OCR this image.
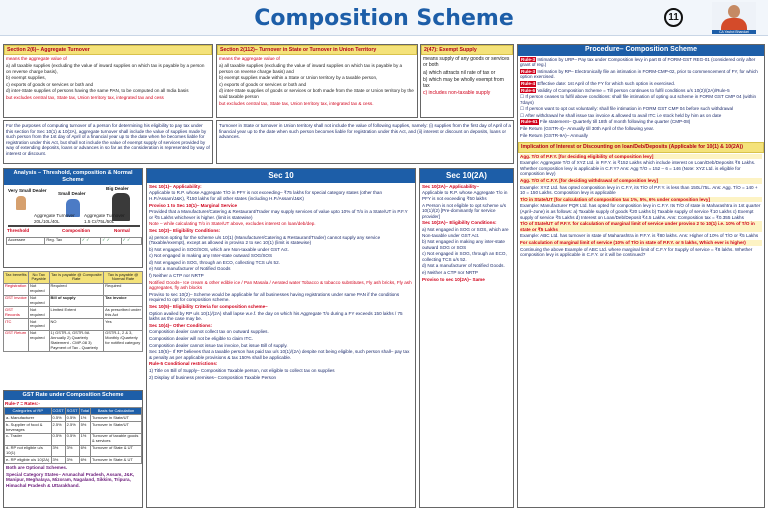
Composition Scheme	11
CA Yashvi Bhandari
Section 2(6)– Aggregate Turnover

means the aggregate value of

a) all taxable supplies (excluding the value of inward supplies on which tax is payable by a person on reverse charge basis),

b) exempt supplies,

c) exports of goods or services or both and

d) inter-State supplies of persons having the same PAN, to be computed on all India basis

but excludes central tax, State tax, Union territory tax, integrated tax and cess

Section 2(112)– Turnover in State or Turnover in Union Territory

means the aggregate value of

a) all taxable supplies (excluding the value of inward supplies on which tax is payable by a person on reverse charge basis) and

b) exempt supplies made within a State or Union territory by a taxable person,

c) exports of goods or services or both and

d) inter-State supplies of goods or services or both made from the State or Union territory by the said taxable person

but excludes central tax, State tax, Union territory tax, integrated tax & cess.

2(47): Exempt Supply

means supply of any goods or services or both

a) which attracts nil rate of tax or

b) which may be wholly exempt from tax

c) includes non-taxable supply

For the purposes of computing turnover of a person for determining his eligibility to pay tax under this section for Sec 10(1) & 10(2A), aggregate turnover shall include the value of supplies made by such person from the 1st day of April of a financial year up to the date when he becomes liable for registration under this Act, but shall not include the value of exempt supply of services provided by way of extending deposits, loans or advances in so far as the consideration is represented by way of interest or discount.

Turnover in State or turnover in Union territory shall not include the value of following supplies, namely: (i) supplies from the first day of April of a financial year up to the date when such person becomes liable for registration under this Act, and (ii) interest or discount on deposits, loans or advances.

Analysis – Threshold, composition & Normal Scheme
Very Small Dealer
Small Dealer
Big Dealer
Threshold	Composition	Normal
Aggregate Turnover
20L/10L/40L
Aggregate Turnover
1.5 Cr/75L/50L
Accessee	Reg. Tax	✓ ✓	✓ ✓	✓ ✓
Tax benefits	No Tax Payable	Tax is payable @ Composite Rate	Tax is payable @ Normal Rate
Registration	Not required	Required	Required
GST invoice	Not required	Bill of supply	Tax invoice
GST Records	Not required	Limited Extent	As prescribed under this Act
ITC	Not required	NO	Yes
GST Return	Not required	1) GSTR-4, GSTR-9A Annually 2) Quarterly Statement - CMP-08 3) Payment of Tax - Quarterly	GSTR-1, 2 & 3, Monthly /Quarterly for notified category
GST Rate under Composition Scheme
Rule-7 = Rates:-
Categories of RP	CGST	SGST	Total	Basis for Calculation
a- Manufacturer	0.5%	0.5%	1%	Turnover in State/UT
b- Supplier of food & beverages	2.5%	2.5%	5%	Turnover in State/UT
c- Trader	0.5%	0.5%	1%	Turnover of taxable goods & services
d- RP not eligible u/s 10(1)	3%	3%	6%	Turnover of State & UT
e- RP eligible u/s 10(2A)	3%	3%	6%	Turnover in State & UT

Both are Optional Schemes.

Special Category States– Arunachal Pradesh, Assam, J&K, Manipur, Meghalaya, Mizoram, Nagaland, Sikkim, Tripura, Himachal Pradesh & Uttarakhand.

Sec 10

Sec 10(1)– Applicability:

Applicable to R.P. whose Aggregate T/O in PFY is not exceeding– ₹75 lakhs for special category states (other than H.P./Assam/J&K), ₹150 lakhs for all other states (including H.P./Assam/J&K)

Proviso 1 to Sec 10(1)– Marginal Service

Provided that a Manufacturer/Catering & Restaurant/Trader may supply services of value upto 10% of T/o in a State/UT in P.F.Y or ₹5 Lakhs whichever is higher. (limit is statewise)

Note – while calculating T/o in State/UT above, excludes interest on loan/deb/dep.

Sec 10(2)– Eligibility Conditions:

a) person opting for the scheme u/s 10(1) (Manufacturer/Catering & Restaurant/Trader) cannot supply any service (Taxable/exempt), except as allowed in proviso 2 to sec 10(1) (limit is statewise)

b) Not engaged in SOG/SOS, which are Non-taxable under GST Act.

c) Not engaged in making any Inter-state outward SOG/SOS

d) Not engaged in SOG, through an ECO, collecting TCS u/s 52.

e) Not a manufacturer of Notified Goods

f) Neither a CTP nor NRTP

Notified Goods– Ice cream & other edible ice / Pan Masala / Aerated water Tobacco & tobacco substitutes, Fly ash bricks, Fly ash aggregates, fly ash blocks

Proviso to sec 10(2)– Scheme would be applicable for all businesses having registrations under same PAN if the conditions required to opt for composition scheme.

Sec 10(5)– Eligibility Criteria for composition scheme–

Option availed by RP u/s 10(1)/(2A) shall lapse w.e.f. the day on which his Aggregate T/o during a FY exceeds 150 lakhs / 75 lakhs as the case may be.

Sec 10(4)– Other Conditions:

Composition dealer cannot collect tax on outward supplies.

Composition dealer will not be eligible to claim ITC.

Composition dealer cannot issue tax invoice, but issue Bill of supply.

Sec 10(5)– If RP believes that a taxable person has paid tax u/s 10(1)/(2A) despite not being eligible, such person shall– pay tax & penalty as per applicable provisions & tax 150% shall be applicable.

Rule-5 Conditional restrictions:

1) Title on Bill of Supply– Composition Taxable person, not eligible to collect tax on supplies

2) Display of business premises– Composition Taxable Person

Sec 10(2A)

Sec 10(2A)– Applicability–

Applicable to R.P. whose Aggregate T/o in PFY is not exceeding ₹50 lakhs

A Person is not eligible to opt scheme u/s 10(1)/(2) [Pre-dominantly for service provider]

Sec 10(2A)– Eligibility Conditions:

a) Not engaged in SOG or SOS, which are Non-taxable under GST Act.

b) Not engaged in making any inter-state outward SOG or SOS

c) Not engaged in SOG, through an ECO, collecting TCS u/s 52.

d) Not a manufacturer of Notified Goods.

e) Neither a CTP nor NRTP

Proviso to sec 10(2A)– Same

Procedure– Composition Scheme

Rule-3 Intimation by URP– Pay tax under Composition levy in part B of FORM-GST REG-01 (considered only after grant of reg.)

Rule-3 Intimation by RP– Electronically file an intimation in FORM-CMP-02, prior to commencement of FY, for which option exercised.

Rule-4 Effective date: 1st April of the FY for which such option is exercised.

Rule-6 Validity of Composition Scheme = Till person continues to fulfil conditions u/s 10(2)/(2A)/Rule-5

☐ If person ceases to fulfil above conditions: shall file intimation of opting out scheme in FORM GST CMP 04 (within 7days)

☐ If person want to opt out voluntarily: shall file intimation in FORM GST CMP 04 before such withdrawal

☐ After withdrawal he shall issue tax invoice & allowed to avail ITC i.e stock held by him as on date

Rule-61 File statement– Quarterly till 18th of month following the quarter (CMP-08)

File Return (GSTR-4)– Annually till 30th April of the following year.

File Return (GSTR-9A)– Annually

Implication of Interest or Discounting on loan/Deb/Deposits (Applicable for 10(1) & 10(2A))

Agg. T/O of P.F.Y. [for deciding eligibility of composition levy]

Example: Aggregate T/O of XYZ Ltd. in P.F.Y. is ₹152 Lakhs which include interest on Loan/Deb/Deposits ₹6 Lakhs. Whether composition levy is applicable in C.F.Y? Ans: Agg T/O = 152 – 6 = 146 (Note: XYZ Ltd. is eligible for composition levy)

Agg. T/O of C.F.Y. [for deciding withdrawal of composition levy]

Example: XYZ Ltd. has opted composition levy in C.F.Y, its T/O of P.F.Y. is less than 150L/75L. Ans: Agg. T/O = 140 + 10 = 150 Lakhs. Composition levy is applicable

T/O in State/UT [for calculation of composition tax 1%, 5%, 6% under composition levy]

Example: Manufacturer PQR Ltd. has opted for composition levy in C.F.Y. Its T/O of state in Maharashtra in 1st quarter (April–June) is as follows: a) Taxable supply of goods ₹20 Lakhs b) Taxable supply of service ₹10 Lakhs c) Exempt supply of service ₹5 Lakhs d) Interest on Loan/Deb/Deposit ₹4.5 Lakhs. Ans: Composition tax = ₹0.355 Lakhs

T/O of State/UT of P.F.Y. for calculation of marginal limit of service under proviso 2 to 10(1) i.e. 10% of T/O in state or ₹5 Lakhs

Example: ABC Ltd. has turnover in state of Maharashtra in P.F.Y. is ₹80 lakhs. Ans: Higher of 10% of T/O or ₹5 Lakhs

For calculation of marginal limit of service (10% of T/O in state of P.F.Y. or 5 lakhs, Which ever is higher)

Continuing the above Example of ABC Ltd. where marginal limit of C.F.Y for Supply of service = ₹8 lakhs. Whether composition levy is applicable in C.F.Y. or it will be continued?
